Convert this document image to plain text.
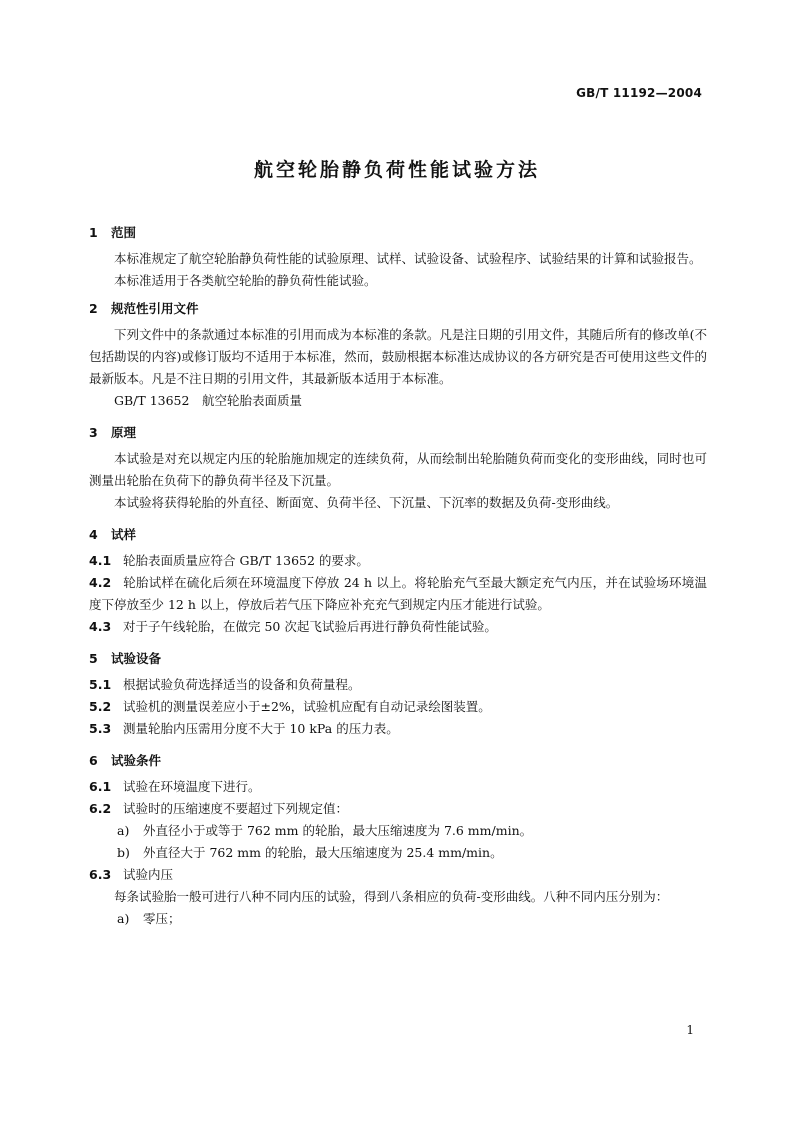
GB/T 11192—2004
航空轮胎静负荷性能试验方法
1 范围

本标准规定了航空轮胎静负荷性能的试验原理、试样、试验设备、试验程序、试验结果的计算和试验报告。

本标准适用于各类航空轮胎的静负荷性能试验。

2 规范性引用文件

下列文件中的条款通过本标准的引用而成为本标准的条款。凡是注日期的引用文件，其随后所有的修改单(不包括勘误的内容)或修订版均不适用于本标准，然而，鼓励根据本标准达成协议的各方研究是否可使用这些文件的最新版本。凡是不注日期的引用文件，其最新版本适用于本标准。

GB/T 13652　航空轮胎表面质量

3 原理

本试验是对充以规定内压的轮胎施加规定的连续负荷，从而绘制出轮胎随负荷而变化的变形曲线，同时也可测量出轮胎在负荷下的静负荷半径及下沉量。

本试验将获得轮胎的外直径、断面宽、负荷半径、下沉量、下沉率的数据及负荷-变形曲线。

4 试样

4.1 轮胎表面质量应符合 GB/T 13652 的要求。

4.2 轮胎试样在硫化后须在环境温度下停放 24 h 以上。将轮胎充气至最大额定充气内压，并在试验场环境温度下停放至少 12 h 以上，停放后若气压下降应补充充气到规定内压才能进行试验。

4.3 对于子午线轮胎，在做完 50 次起飞试验后再进行静负荷性能试验。

5 试验设备

5.1 根据试验负荷选择适当的设备和负荷量程。

5.2 试验机的测量误差应小于±2%，试验机应配有自动记录绘图装置。

5.3 测量轮胎内压需用分度不大于 10 kPa 的压力表。

6 试验条件

6.1 试验在环境温度下进行。

6.2 试验时的压缩速度不要超过下列规定值：

a) 外直径小于或等于 762 mm 的轮胎，最大压缩速度为 7.6 mm/min。

b) 外直径大于 762 mm 的轮胎，最大压缩速度为 25.4 mm/min。

6.3 试验内压

每条试验胎一般可进行八种不同内压的试验，得到八条相应的负荷-变形曲线。八种不同内压分别为：

a) 零压；

1
